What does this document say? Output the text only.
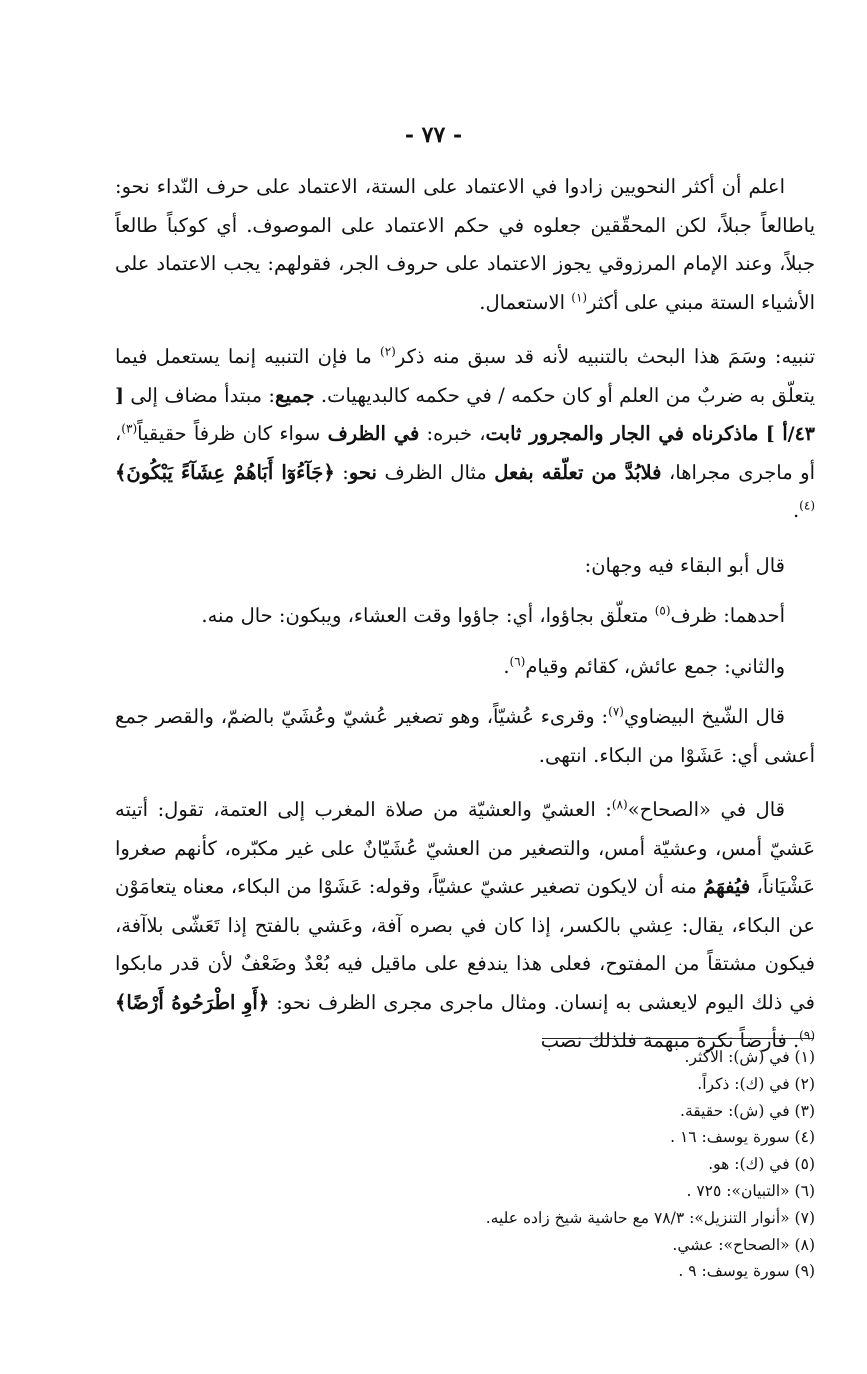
- ٧٧ -

اعلم أن أكثر النحويين زادوا في الاعتماد على الستة، الاعتماد على حرف النّداء نحو: ياطالعاً جبلاً، لكن المحقّقين جعلوه في حكم الاعتماد على الموصوف. أي كوكباً طالعاً جبلاً، وعند الإمام المرزوقي يجوز الاعتماد على حروف الجر، فقولهم: يجب الاعتماد على الأشياء الستة مبني على أكثر$^{(١)}$ الاستعمال.

تنبيه: وسَمَ هذا البحث بالتنبيه لأنه قد سبق منه ذكر$^{(٢)}$ ما فإن التنبيه إنما يستعمل فيما يتعلّق به ضربٌ من العلم أو كان حكمه / في حكمه كالبديهيات. جميع: مبتدأ مضاف إلى [ ٤٣/أ ] ماذكرناه في الجار والمجرور ثابت، خبره: في الظرف سواء كان ظرفاً حقيقياً$^{(٣)}$، أو ماجرى مجراها، فلابُدَّ من تعلّقه بفعل مثال الظرف نحو: ﴿جَآءُوٓا أَبَاهُمْ عِشَآءً يَبْكُونَ﴾$^{(٤)}$.

قال أبو البقاء فيه وجهان:

أحدهما: ظرف$^{(٥)}$ متعلّق بجاؤوا، أي: جاؤوا وقت العشاء، ويبكون: حال منه.

والثاني: جمع عائش، كقائم وقيام$^{(٦)}$.

قال الشّيخ البيضاوي$^{(٧)}$: وقرىء عُشيّاً، وهو تصغير عُشيّ وعُشَيّ بالضمّ، والقصر جمع أعشى أي: عَشَوْا من البكاء. انتهى.

قال في «الصحاح»$^{(٨)}$: العشيّ والعشيّة من صلاة المغرب إلى العتمة، تقول: أتيته عَشيّ أمس، وعشيّة أمس، والتصغير من العشيّ عُشَيّانٌ على غير مكبّره، كأنهم صغروا عَشْيَاناً، فيُفهَمُ منه أن لايكون تصغير عشيّ عشيّاً، وقوله: عَشَوْا من البكاء، معناه يتعامَوْن عن البكاء، يقال: عِشي بالكسر، إذا كان في بصره آفة، وعَشي بالفتح إذا تَعَشّى بلاآفة، فيكون مشتقاً من المفتوح، فعلى هذا يندفع على ماقيل فيه بُعْدٌ وضَعْفٌ لأن قدر مابكوا في ذلك اليوم لايعشى به إنسان. ومثال ماجرى مجرى الظرف نحو: ﴿أَوِ اطْرَحُوهُ أَرْضًا﴾$^{(٩)}$. فأرضاً نكرة مبهمة فلذلك نصب

(١) في (ش): الأكثر.
(٢) في (ك): ذكراً.
(٣) في (ش): حقيقة.
(٤) سورة يوسف: ١٦ .
(٥) في (ك): هو.
(٦) «التبيان»: ٧٢٥ .
(٧) «أنوار التنزيل»: ٧٨/٣ مع حاشية شيخ زاده عليه.
(٨) «الصحاح»: عشي.
(٩) سورة يوسف: ٩ .
